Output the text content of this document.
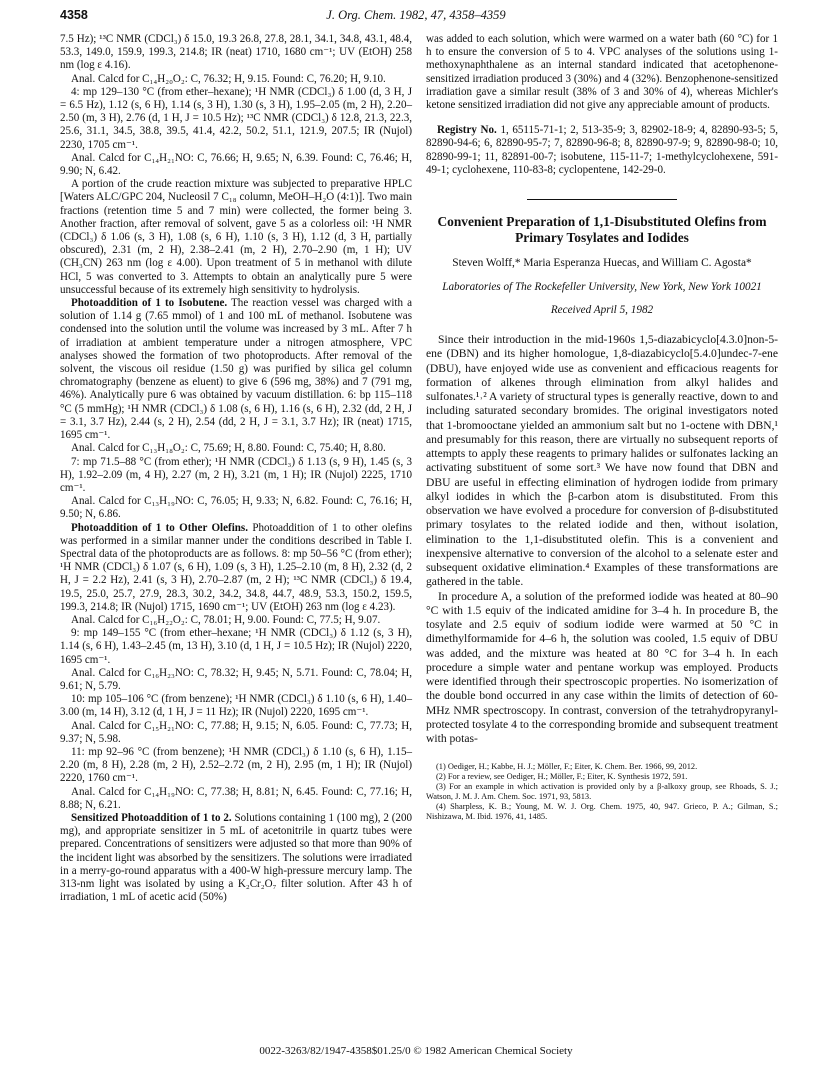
4358	J. Org. Chem. 1982, 47, 4358–4359

7.5 Hz); ¹³C NMR (CDCl₃) δ 15.0, 19.3 26.8, 27.8, 28.1, 34.1, 34.8, 43.1, 48.4, 53.3, 149.0, 159.9, 199.3, 214.8; IR (neat) 1710, 1680 cm⁻¹; UV (EtOH) 258 nm (log ε 4.16).

Anal. Calcd for C₁₄H₂₀O₂: C, 76.32; H, 9.15. Found: C, 76.20; H, 9.10.

4: mp 129–130 °C (from ether–hexane); ¹H NMR (CDCl₃) δ 1.00 (d, 3 H, J = 6.5 Hz), 1.12 (s, 6 H), 1.14 (s, 3 H), 1.30 (s, 3 H), 1.95–2.05 (m, 2 H), 2.20–2.50 (m, 3 H), 2.76 (d, 1 H, J = 10.5 Hz); ¹³C NMR (CDCl₃) δ 12.8, 21.3, 22.3, 25.6, 31.1, 34.5, 38.8, 39.5, 41.4, 42.2, 50.2, 51.1, 121.9, 207.5; IR (Nujol) 2230, 1705 cm⁻¹.

Anal. Calcd for C₁₄H₂₁NO: C, 76.66; H, 9.65; N, 6.39. Found: C, 76.46; H, 9.90; N, 6.42.

A portion of the crude reaction mixture was subjected to preparative HPLC [Waters ALC/GPC 204, Nucleosil 7 C₁₈ column, MeOH–H₂O (4:1)]. Two main fractions (retention time 5 and 7 min) were collected, the former being 3. Another fraction, after removal of solvent, gave 5 as a colorless oil: ¹H NMR (CDCl₃) δ 1.06 (s, 3 H), 1.08 (s, 6 H), 1.10 (s, 3 H), 1.12 (d, 3 H, partially obscured), 2.31 (m, 2 H), 2.38–2.41 (m, 2 H), 2.70–2.90 (m, 1 H); UV (CH₃CN) 263 nm (log ε 4.00). Upon treatment of 5 in methanol with dilute HCl, 5 was converted to 3. Attempts to obtain an analytically pure 5 were unsuccessful because of its extremely high sensitivity to hydrolysis.

Photoaddition of 1 to Isobutene. The reaction vessel was charged with a solution of 1.14 g (7.65 mmol) of 1 and 100 mL of methanol. Isobutene was condensed into the solution until the volume was increased by 3 mL. After 7 h of irradiation at ambient temperature under a nitrogen atmosphere, VPC analyses showed the formation of two photoproducts. After removal of the solvent, the viscous oil residue (1.50 g) was purified by silica gel column chromatography (benzene as eluent) to give 6 (596 mg, 38%) and 7 (791 mg, 46%). Analytically pure 6 was obtained by vacuum distillation. 6: bp 115–118 °C (5 mmHg); ¹H NMR (CDCl₃) δ 1.08 (s, 6 H), 1.16 (s, 6 H), 2.32 (dd, 2 H, J = 3.1, 3.7 Hz), 2.44 (s, 2 H), 2.54 (dd, 2 H, J = 3.1, 3.7 Hz); IR (neat) 1715, 1695 cm⁻¹.

Anal. Calcd for C₁₃H₁₈O₂: C, 75.69; H, 8.80. Found: C, 75.40; H, 8.80.

7: mp 71.5–88 °C (from ether); ¹H NMR (CDCl₃) δ 1.13 (s, 9 H), 1.45 (s, 3 H), 1.92–2.09 (m, 4 H), 2.27 (m, 2 H), 3.21 (m, 1 H); IR (Nujol) 2225, 1710 cm⁻¹.

Anal. Calcd for C₁₃H₁₉NO: C, 76.05; H, 9.33; N, 6.82. Found: C, 76.16; H, 9.50; N, 6.86.

Photoaddition of 1 to Other Olefins. Photoaddition of 1 to other olefins was performed in a similar manner under the conditions described in Table I. Spectral data of the photoproducts are as follows. 8: mp 50–56 °C (from ether); ¹H NMR (CDCl₃) δ 1.07 (s, 6 H), 1.09 (s, 3 H), 1.25–2.10 (m, 8 H), 2.32 (d, 2 H, J = 2.2 Hz), 2.41 (s, 3 H), 2.70–2.87 (m, 2 H); ¹³C NMR (CDCl₃) δ 19.4, 19.5, 25.0, 25.7, 27.9, 28.3, 30.2, 34.2, 34.8, 44.7, 48.9, 53.3, 150.2, 159.5, 199.3, 214.8; IR (Nujol) 1715, 1690 cm⁻¹; UV (EtOH) 263 nm (log ε 4.23).

Anal. Calcd for C₁₆H₂₂O₂: C, 78.01; H, 9.00. Found: C, 77.5; H, 9.07.

9: mp 149–155 °C (from ether–hexane; ¹H NMR (CDCl₃) δ 1.12 (s, 3 H), 1.14 (s, 6 H), 1.43–2.45 (m, 13 H), 3.10 (d, 1 H, J = 10.5 Hz); IR (Nujol) 2220, 1695 cm⁻¹.

Anal. Calcd for C₁₆H₂₃NO: C, 78.32; H, 9.45; N, 5.71. Found: C, 78.04; H, 9.61; N, 5.79.

10: mp 105–106 °C (from benzene); ¹H NMR (CDCl₃) δ 1.10 (s, 6 H), 1.40–3.00 (m, 14 H), 3.12 (d, 1 H, J = 11 Hz); IR (Nujol) 2220, 1695 cm⁻¹.

Anal. Calcd for C₁₅H₂₁NO: C, 77.88; H, 9.15; N, 6.05. Found: C, 77.73; H, 9.37; N, 5.98.

11: mp 92–96 °C (from benzene); ¹H NMR (CDCl₃) δ 1.10 (s, 6 H), 1.15–2.20 (m, 8 H), 2.28 (m, 2 H), 2.52–2.72 (m, 2 H), 2.95 (m, 1 H); IR (Nujol) 2220, 1760 cm⁻¹.

Anal. Calcd for C₁₄H₁₉NO: C, 77.38; H, 8.81; N, 6.45. Found: C, 77.16; H, 8.88; N, 6.21.

Sensitized Photoaddition of 1 to 2. Solutions containing 1 (100 mg), 2 (200 mg), and appropriate sensitizer in 5 mL of acetonitrile in quartz tubes were prepared. Concentrations of sensitizers were adjusted so that more than 90% of the incident light was absorbed by the sensitizers. The solutions were irradiated in a merry-go-round apparatus with a 400-W high-pressure mercury lamp. The 313-nm light was isolated by using a K₂Cr₂O₇ filter solution. After 43 h of irradiation, 1 mL of acetic acid (50%)

was added to each solution, which were warmed on a water bath (60 °C) for 1 h to ensure the conversion of 5 to 4. VPC analyses of the solutions using 1-methoxynaphthalene as an internal standard indicated that acetophenone-sensitized irradiation produced 3 (30%) and 4 (32%). Benzophenone-sensitized irradiation gave a similar result (38% of 3 and 30% of 4), whereas Michler's ketone sensitized irradiation did not give any appreciable amount of products.

Registry No. 1, 65115-71-1; 2, 513-35-9; 3, 82902-18-9; 4, 82890-93-5; 5, 82890-94-6; 6, 82890-95-7; 7, 82890-96-8; 8, 82890-97-9; 9, 82890-98-0; 10, 82890-99-1; 11, 82891-00-7; isobutene, 115-11-7; 1-methylcyclohexene, 591-49-1; cyclohexene, 110-83-8; cyclopentene, 142-29-0.

Convenient Preparation of 1,1-Disubstituted Olefins from Primary Tosylates and Iodides
Steven Wolff,* Maria Esperanza Huecas, and William C. Agosta*
Laboratories of The Rockefeller University, New York, New York 10021
Received April 5, 1982

Since their introduction in the mid-1960s 1,5-diazabicyclo[4.3.0]non-5-ene (DBN) and its higher homologue, 1,8-diazabicyclo[5.4.0]undec-7-ene (DBU), have enjoyed wide use as convenient and efficacious reagents for formation of alkenes through elimination from alkyl halides and sulfonates.¹˒² A variety of structural types is generally reactive, down to and including saturated secondary bromides. The original investigators noted that 1-bromooctane yielded an ammonium salt but no 1-octene with DBN,¹ and presumably for this reason, there are virtually no subsequent reports of attempts to apply these reagents to primary halides or sulfonates lacking an activating substituent of some sort.³ We have now found that DBN and DBU are useful in effecting elimination of hydrogen iodide from primary alkyl iodides in which the β-carbon atom is disubstituted. From this observation we have evolved a procedure for conversion of β-disubstituted primary tosylates to the related iodide and then, without isolation, elimination to the 1,1-disubstituted olefin. This is a convenient and inexpensive alternative to conversion of the alcohol to a selenate ester and subsequent oxidative elimination.⁴ Examples of these transformations are gathered in the table.

In procedure A, a solution of the preformed iodide was heated at 80–90 °C with 1.5 equiv of the indicated amidine for 3–4 h. In procedure B, the tosylate and 2.5 equiv of sodium iodide were warmed at 50 °C in dimethylformamide for 4–6 h, the solution was cooled, 1.5 equiv of DBU was added, and the mixture was heated at 80 °C for 3–4 h. In each procedure a simple water and pentane workup was employed. Products were identified through their spectroscopic properties. No isomerization of the double bond occurred in any case within the limits of detection of 60-MHz NMR spectroscopy. In contrast, conversion of the tetrahydropyranyl-protected tosylate 4 to the corresponding bromide and subsequent treatment with potas-

(1) Oediger, H.; Kabbe, H. J.; Möller, F.; Eiter, K. Chem. Ber. 1966, 99, 2012.

(2) For a review, see Oediger, H.; Möller, F.; Eiter, K. Synthesis 1972, 591.

(3) For an example in which activation is provided only by a β-alkoxy group, see Rhoads, S. J.; Watson, J. M. J. Am. Chem. Soc. 1971, 93, 5813.

(4) Sharpless, K. B.; Young, M. W. J. Org. Chem. 1975, 40, 947. Grieco, P. A.; Gilman, S.; Nishizawa, M. Ibid. 1976, 41, 1485.

0022-3263/82/1947-4358$01.25/0 © 1982 American Chemical Society
